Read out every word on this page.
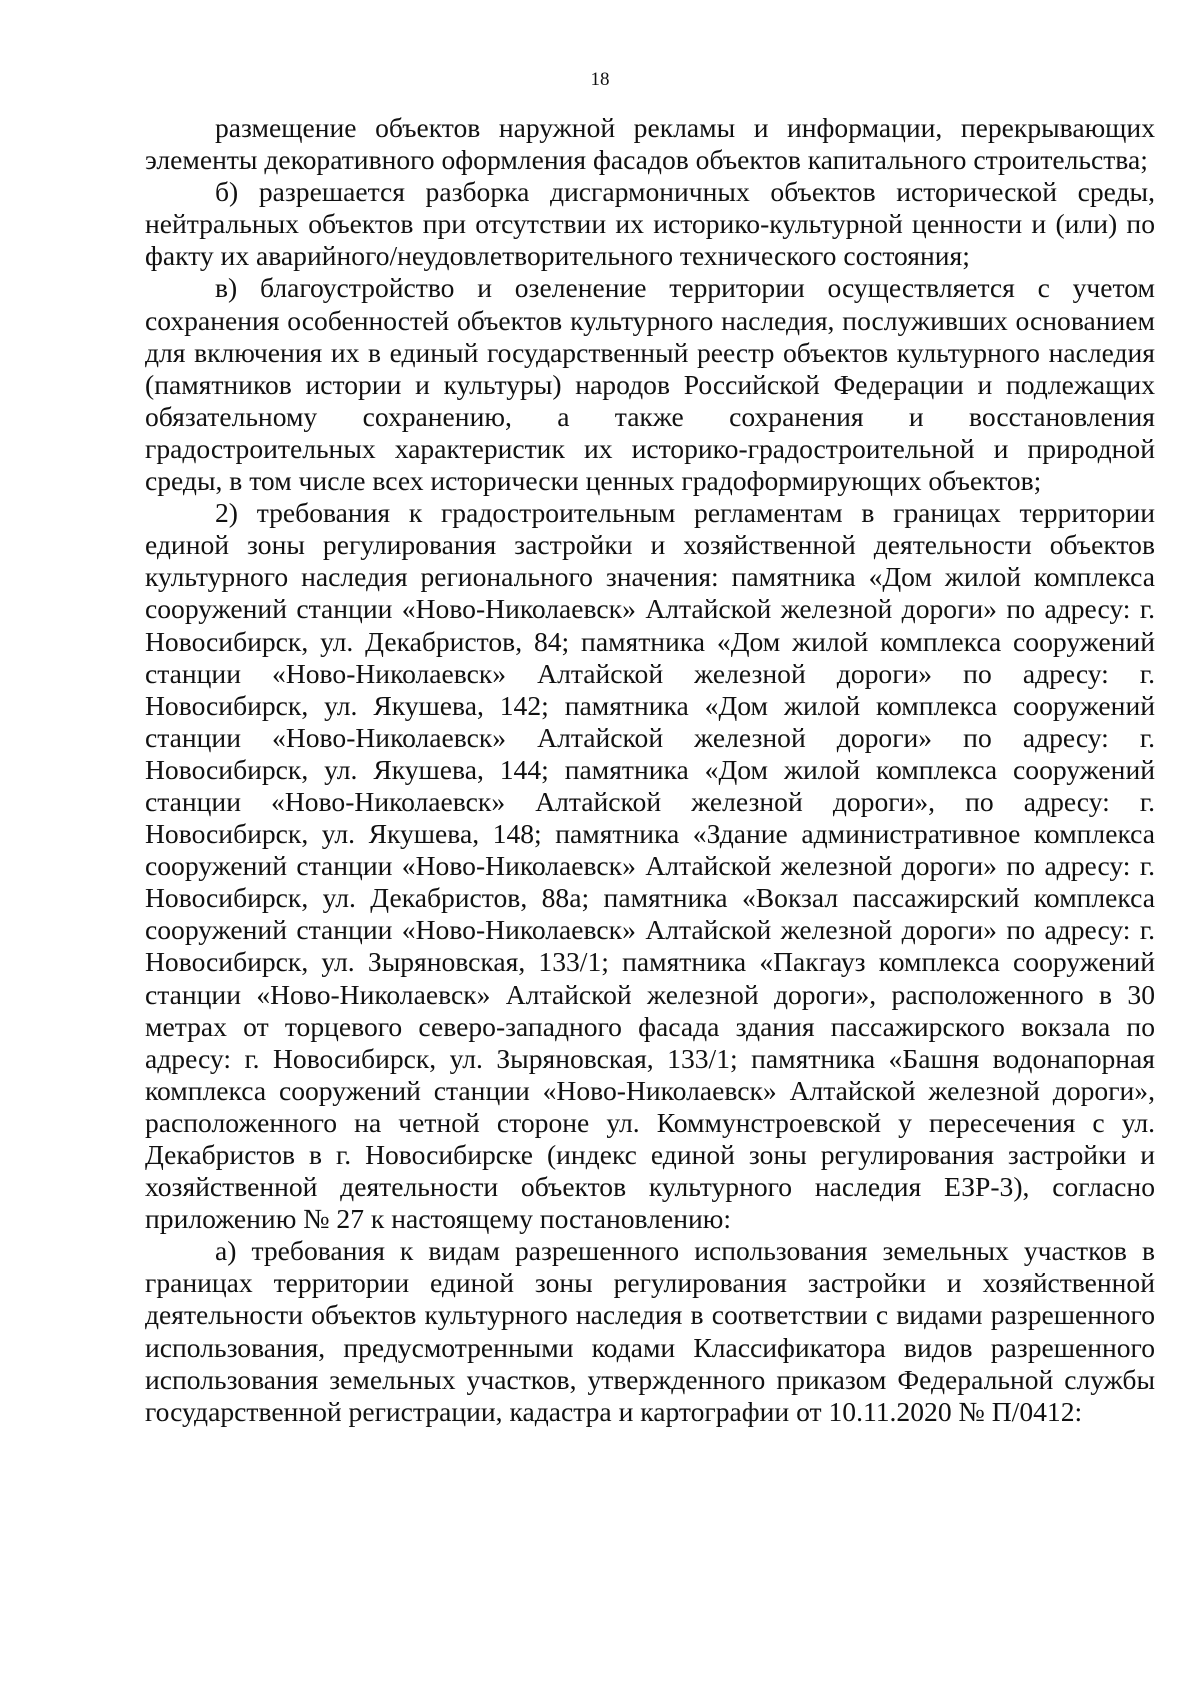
18

размещение объектов наружной рекламы и информации, перекрывающих элементы декоративного оформления фасадов объектов капитального строительства;

б) разрешается разборка дисгармоничных объектов исторической среды, нейтральных объектов при отсутствии их историко-культурной ценности и (или) по факту их аварийного/неудовлетворительного технического состояния;

в) благоустройство и озеленение территории осуществляется с учетом сохранения особенностей объектов культурного наследия, послуживших основанием для включения их в единый государственный реестр объектов культурного наследия (памятников истории и культуры) народов Российской Федерации и подлежащих обязательному сохранению, а также сохранения и восстановления градостроительных характеристик их историко-градостроительной и природной среды, в том числе всех исторически ценных градоформирующих объектов;

2) требования к градостроительным регламентам в границах территории единой зоны регулирования застройки и хозяйственной деятельности объектов культурного наследия регионального значения: памятника «Дом жилой комплекса сооружений станции «Ново-Николаевск» Алтайской железной дороги» по адресу: г. Новосибирск, ул. Декабристов, 84; памятника «Дом жилой комплекса сооружений станции «Ново-Николаевск» Алтайской железной дороги» по адресу: г. Новосибирск, ул. Якушева, 142; памятника «Дом жилой комплекса сооружений станции «Ново-Николаевск» Алтайской железной дороги» по адресу: г. Новосибирск, ул. Якушева, 144; памятника «Дом жилой комплекса сооружений станции «Ново-Николаевск» Алтайской железной дороги», по адресу: г. Новосибирск, ул. Якушева, 148; памятника «Здание административное комплекса сооружений станции «Ново-Николаевск» Алтайской железной дороги» по адресу: г. Новосибирск, ул. Декабристов, 88а; памятника «Вокзал пассажирский комплекса сооружений станции «Ново-Николаевск» Алтайской железной дороги» по адресу: г. Новосибирск, ул. Зыряновская, 133/1; памятника «Пакгауз комплекса сооружений станции «Ново-Николаевск» Алтайской железной дороги», расположенного в 30 метрах от торцевого северо-западного фасада здания пассажирского вокзала по адресу: г. Новосибирск, ул. Зыряновская, 133/1; памятника «Башня водонапорная комплекса сооружений станции «Ново-Николаевск» Алтайской железной дороги», расположенного на четной стороне ул. Коммунстроевской у пересечения с ул. Декабристов в г. Новосибирске (индекс единой зоны регулирования застройки и хозяйственной деятельности объектов культурного наследия ЕЗР-3), согласно приложению № 27 к настоящему постановлению:

а) требования к видам разрешенного использования земельных участков в границах территории единой зоны регулирования застройки и хозяйственной деятельности объектов культурного наследия в соответствии с видами разрешенного использования, предусмотренными кодами Классификатора видов разрешенного использования земельных участков, утвержденного приказом Федеральной службы государственной регистрации, кадастра и картографии от 10.11.2020 № П/0412:
